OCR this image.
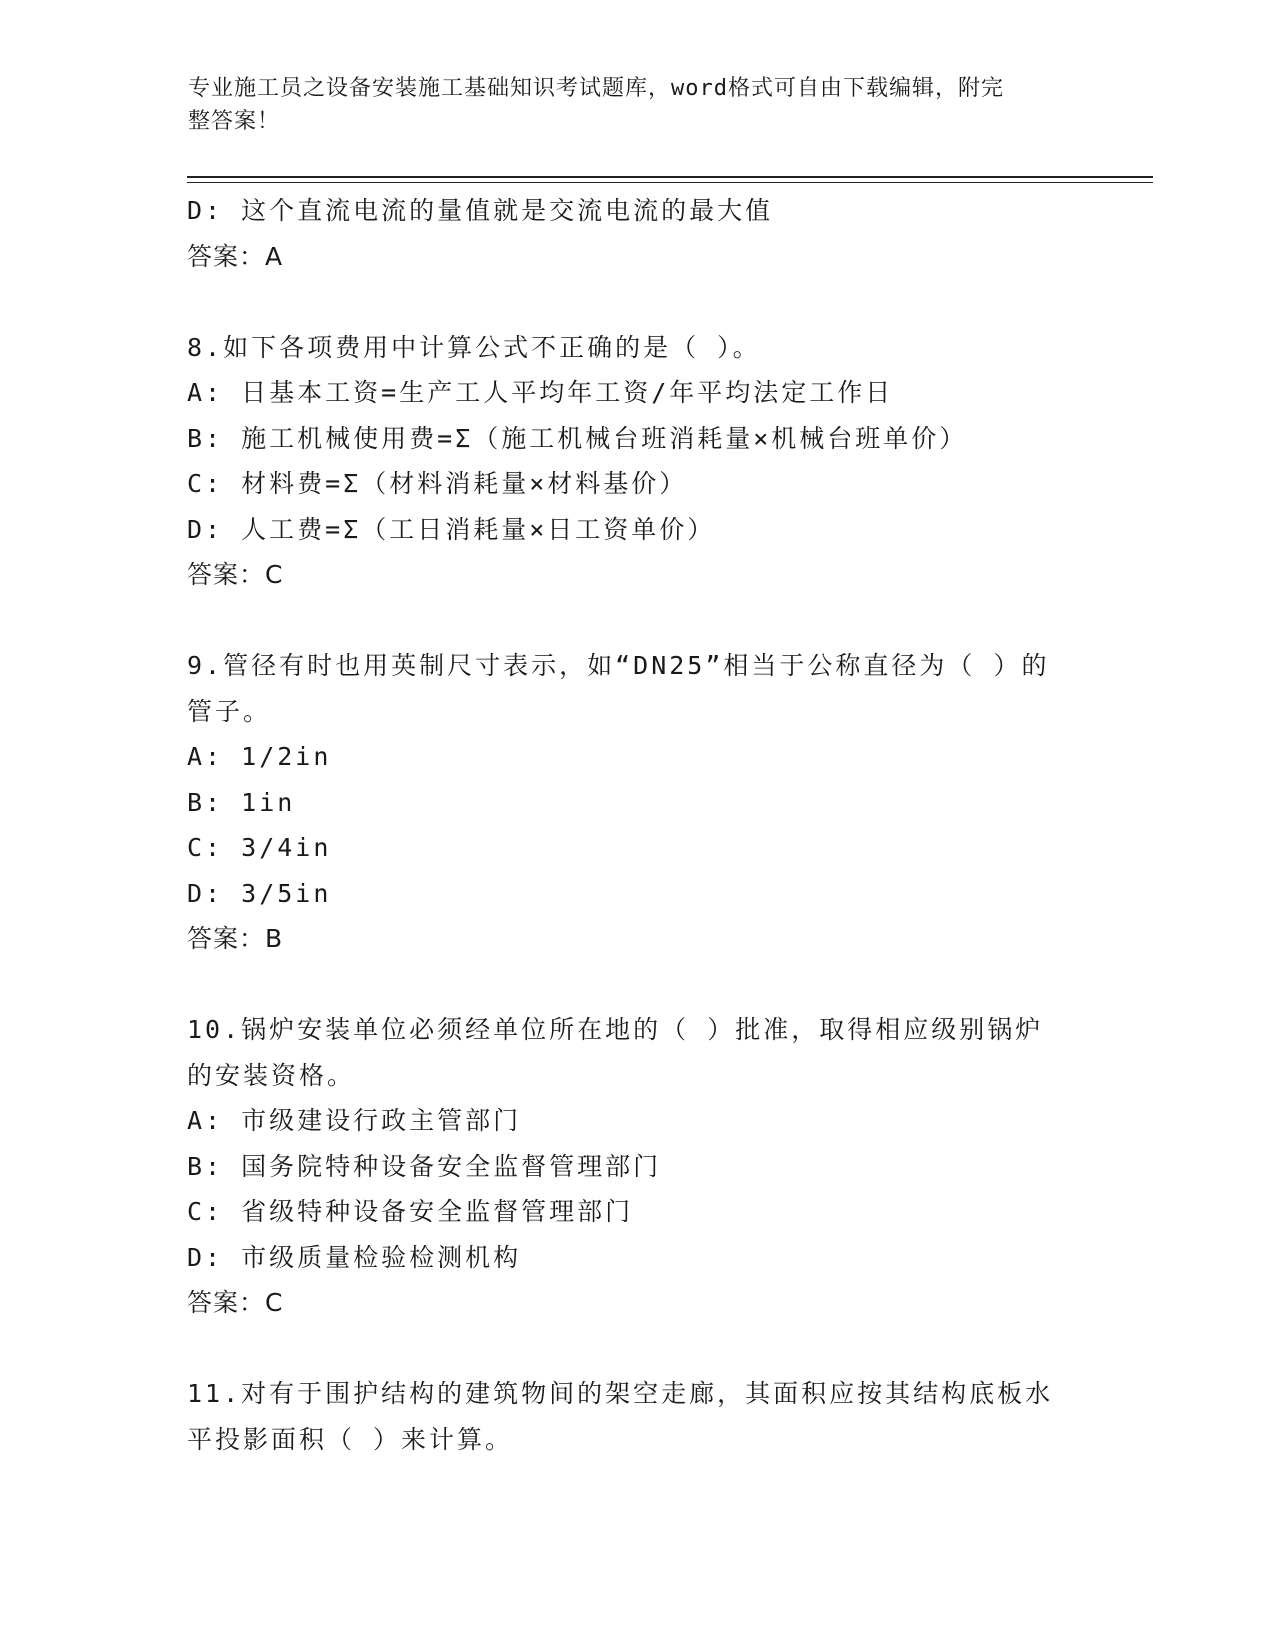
专业施工员之设备安装施工基础知识考试题库，word格式可自由下载编辑，附完
整答案！
D: 这个直流电流的量值就是交流电流的最大值
答案：A
8.如下各项费用中计算公式不正确的是（ ）。
A: 日基本工资=生产工人平均年工资/年平均法定工作日
B: 施工机械使用费=Σ（施工机械台班消耗量×机械台班单价）
C: 材料费=Σ（材料消耗量×材料基价）
D: 人工费=Σ（工日消耗量×日工资单价）
答案：C
9.管径有时也用英制尺寸表示，如“DN25”相当于公称直径为（ ）的
管子。
A: 1/2in
B: 1in
C: 3/4in
D: 3/5in
答案：B
10.锅炉安装单位必须经单位所在地的（ ）批准，取得相应级别锅炉
的安装资格。
A: 市级建设行政主管部门
B: 国务院特种设备安全监督管理部门
C: 省级特种设备安全监督管理部门
D: 市级质量检验检测机构
答案：C
11.对有于围护结构的建筑物间的架空走廊，其面积应按其结构底板水
平投影面积（ ）来计算。
